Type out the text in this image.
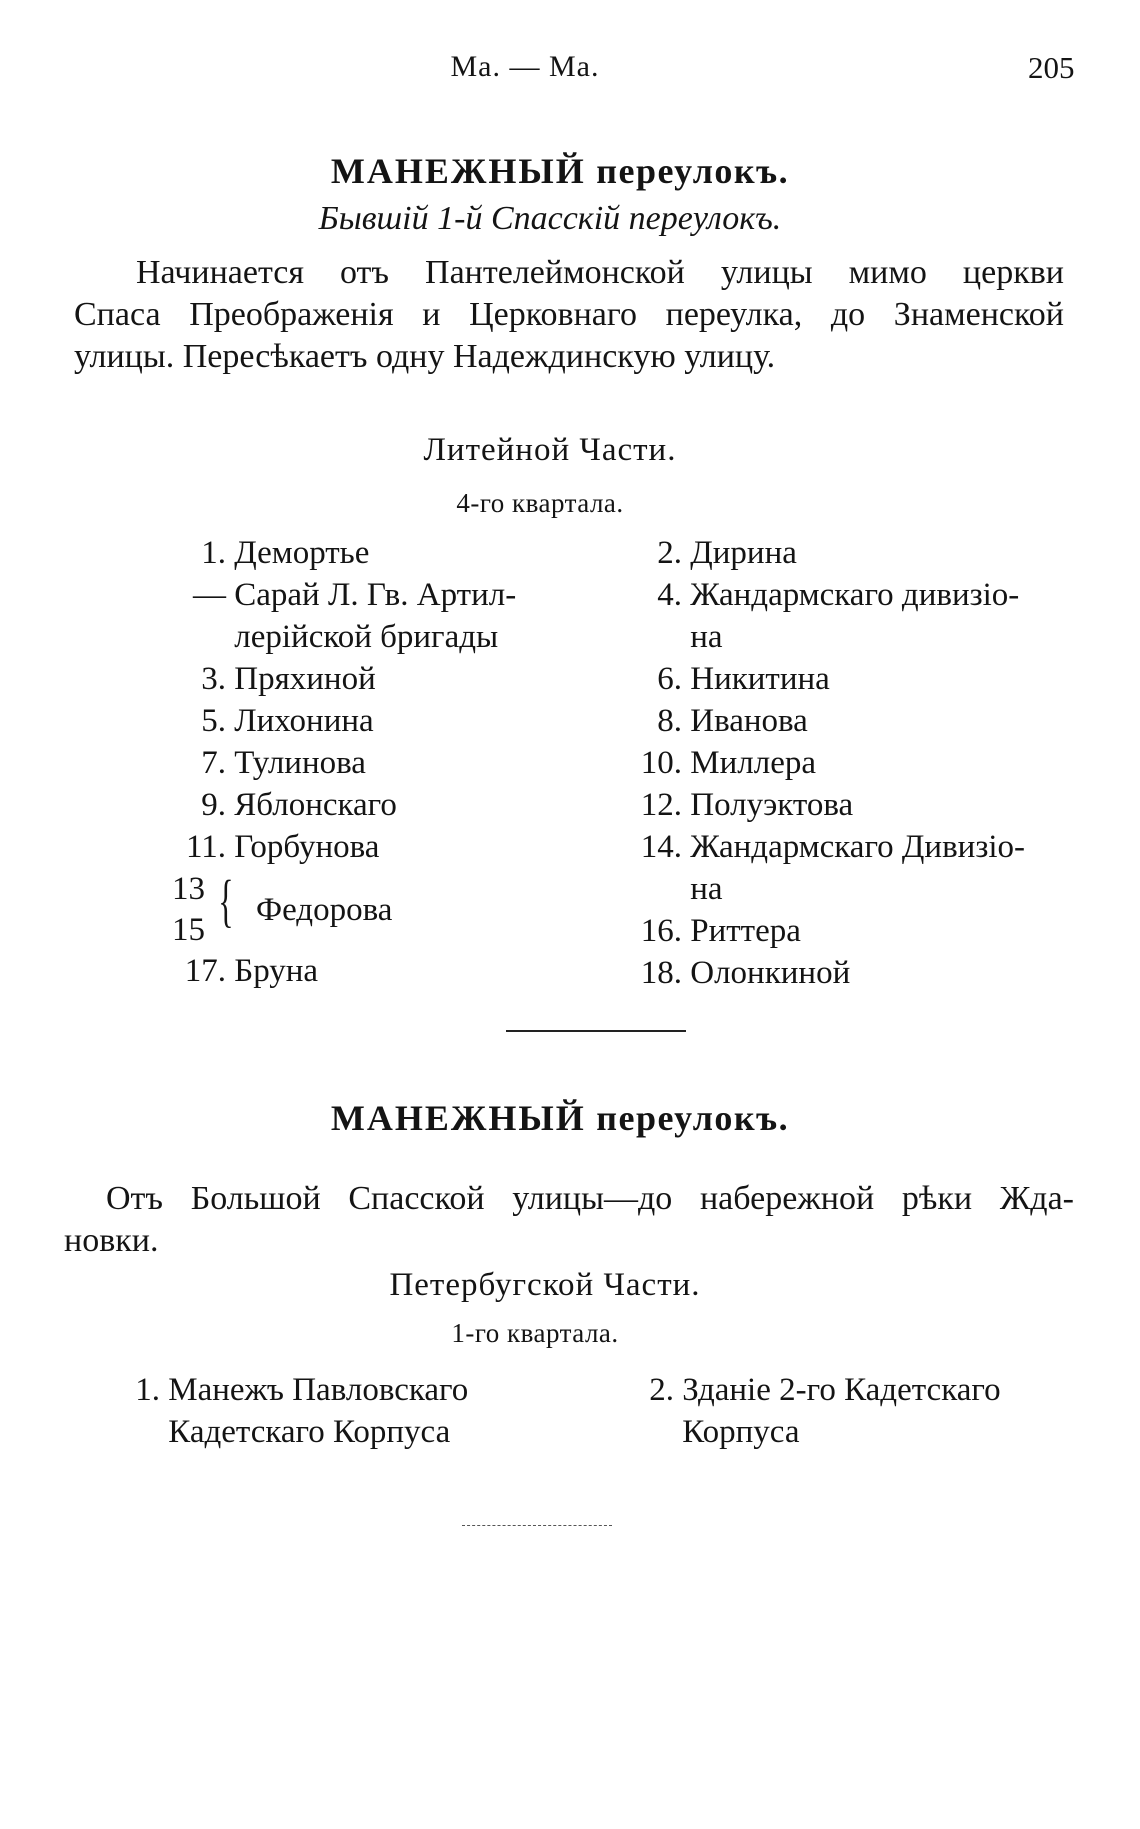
Ма. — Ма.	205
МАНЕЖНЫЙ переулокъ.
Бывшій 1-й Спасскій переулокъ.
Начинается отъ Пантелеймонской улицы мимо церкви
Спаса Преображенія и Церковнаго переулка, до Знаменской
улицы. Пересѣкаетъ одну Надеждинскую улицу.
Литейной Части.
4-го квартала.
1. Демортье
— Сарай Л. Гв. Артил-
лерійской бригады
3. Пряхиной
5. Лихонина
7. Тулинова
9. Яблонскаго
11. Горбунова
13
15 { Федорова
17. Бруна
2. Дирина
4. Жандармскаго дивизіо-
на
6. Никитина
8. Иванова
10. Миллера
12. Полуэктова
14. Жандармскаго Дивизіо-
на
16. Риттера
18. Олонкиной
МАНЕЖНЫЙ переулокъ.
Отъ Большой Спасской улицы—до набережной рѣки Жда-
новки.
Петербугской Части.
1-го квартала.
1. Манежъ Павловскаго
Кадетскаго Корпуса
2. Зданіе 2-го Кадетскаго
Корпуса
